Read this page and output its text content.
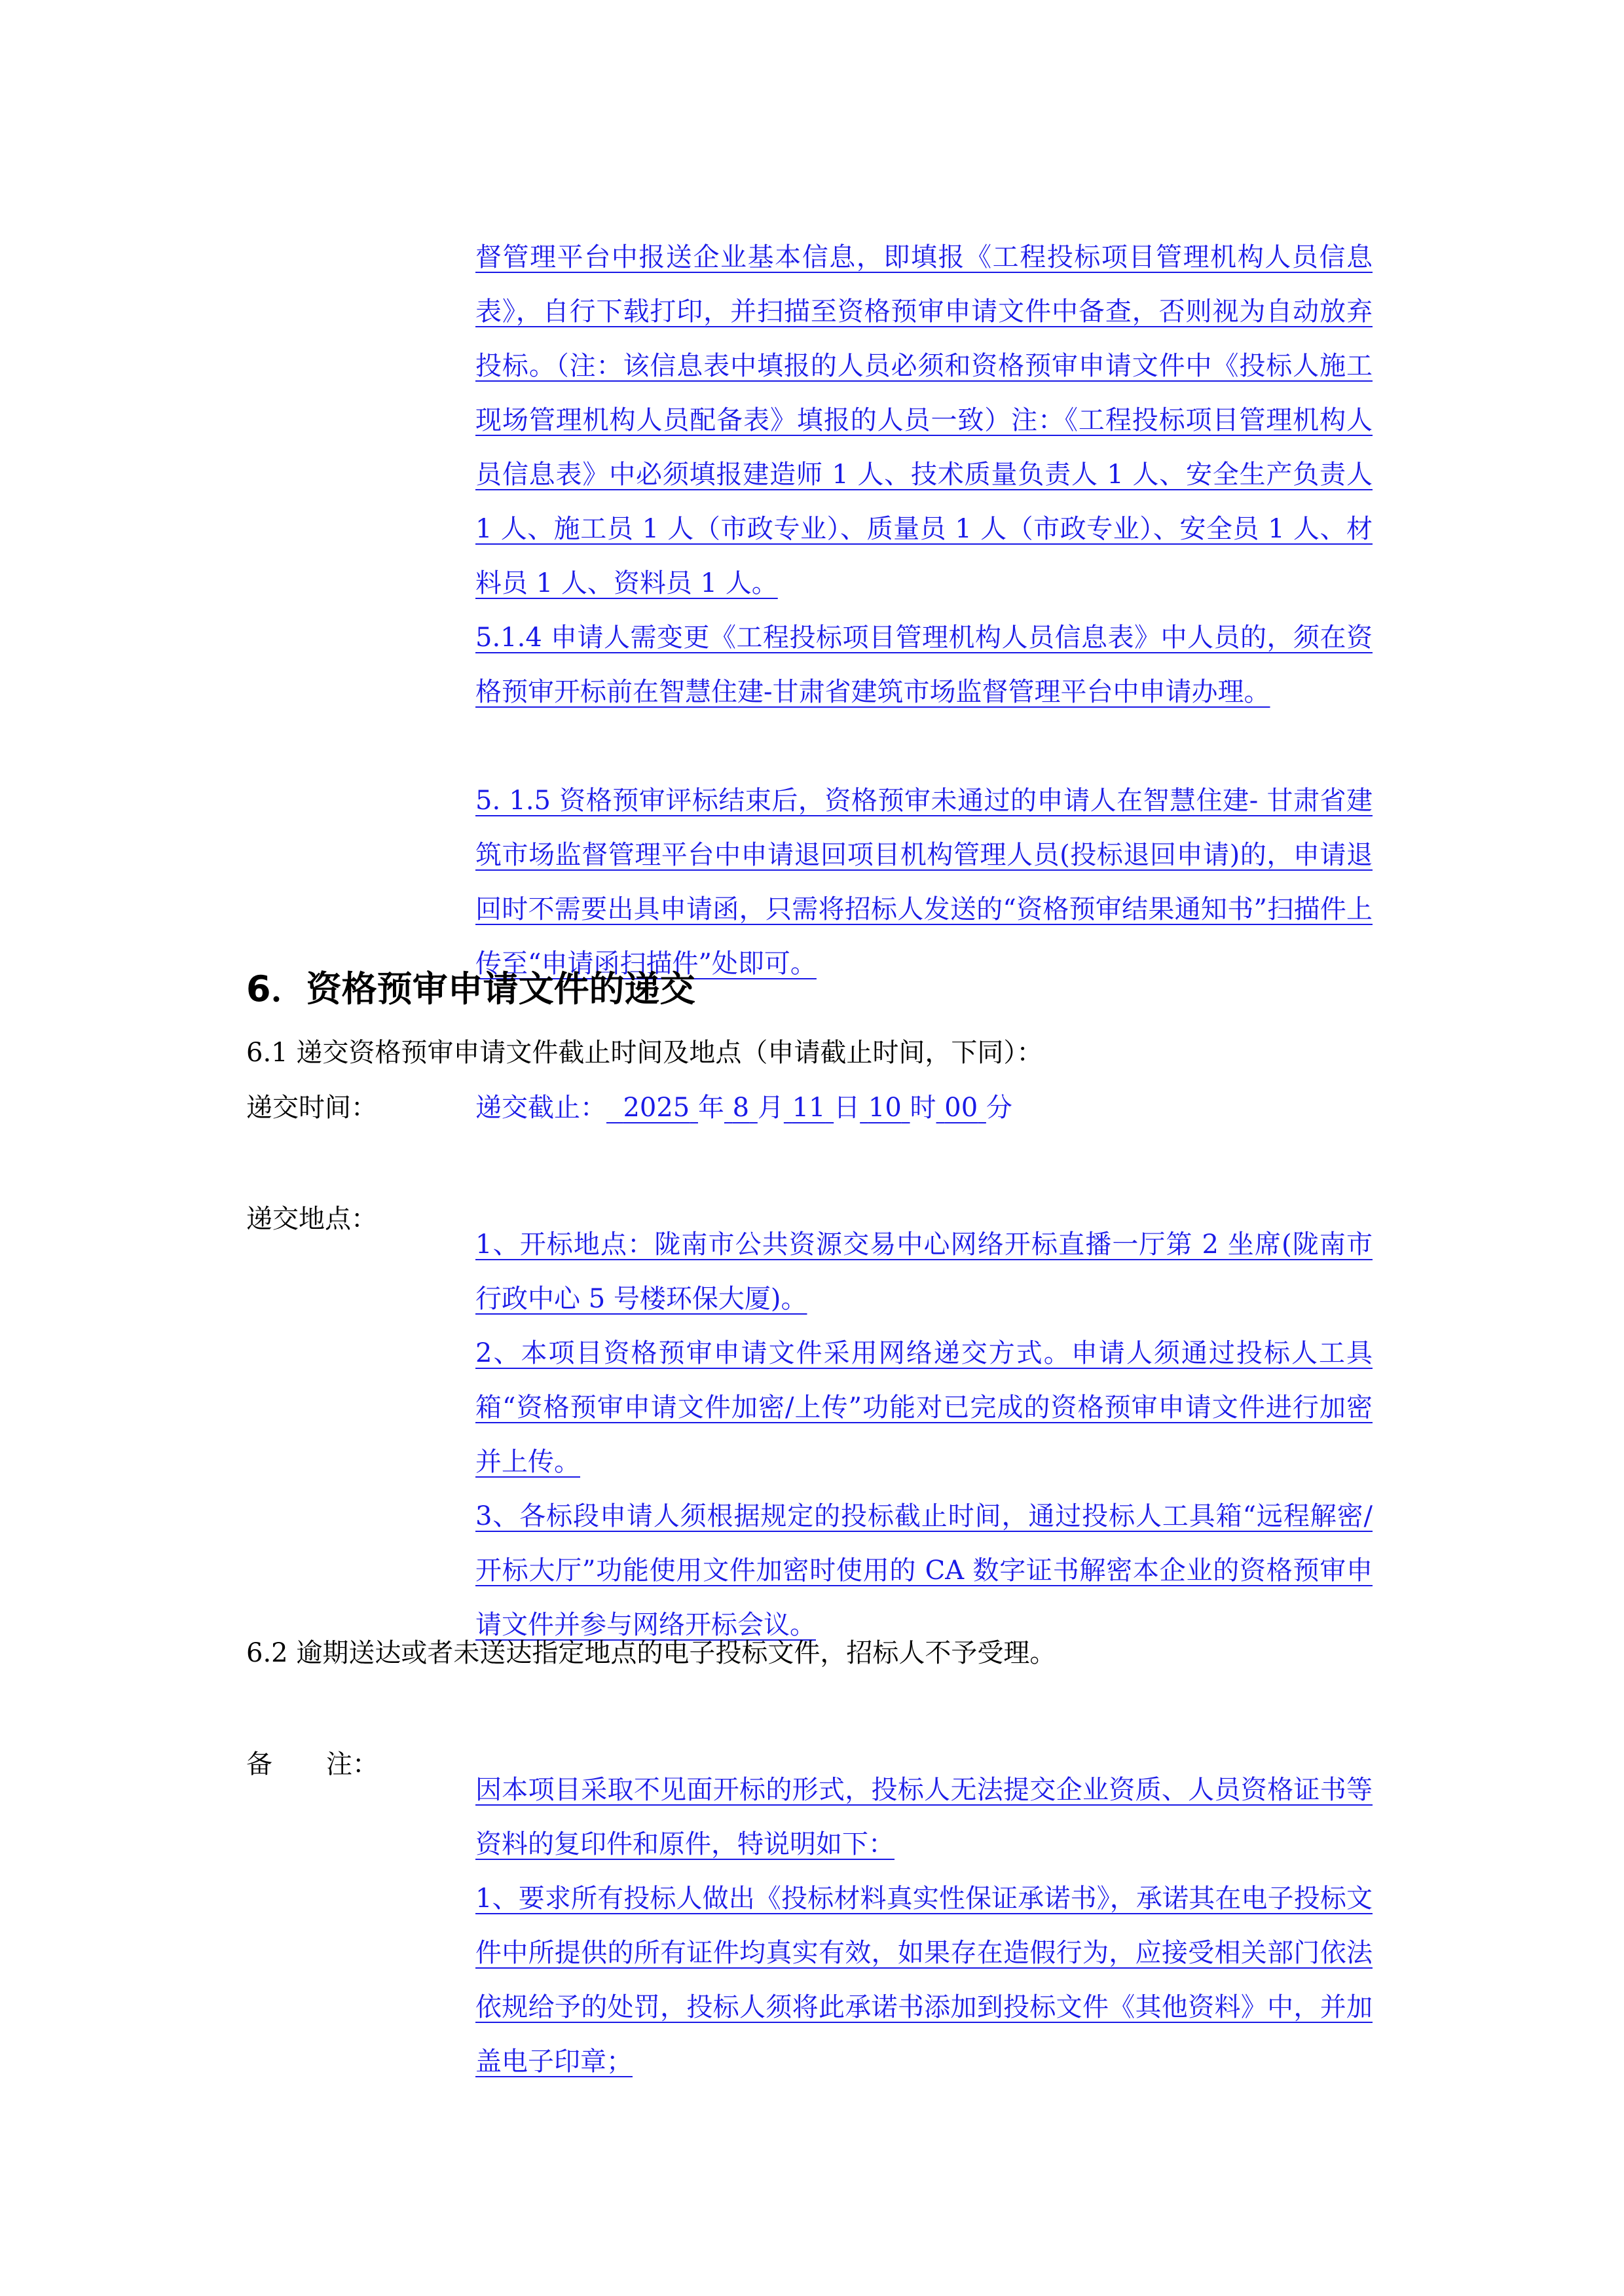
督管理平台中报送企业基本信息，即填报《工程投标项目管理机构人员信息表》，自行下载打印，并扫描至资格预审申请文件中备查，否则视为自动放弃投标。（注：该信息表中填报的人员必须和资格预审申请文件中《投标人施工现场管理机构人员配备表》填报的人员一致）注：《工程投标项目管理机构人员信息表》中必须填报建造师 1 人、技术质量负责人 1 人、安全生产负责人 1 人、施工员 1 人（市政专业）、质量员 1 人（市政专业）、安全员 1 人、材料员 1 人、资料员 1 人。

5.1.4 申请人需变更《工程投标项目管理机构人员信息表》中人员的，须在资格预审开标前在智慧住建-甘肃省建筑市场监督管理平台中申请办理。

5. 1.5 资格预审评标结束后，资格预审未通过的申请人在智慧住建- 甘肃省建筑市场监督管理平台中申请退回项目机构管理人员(投标退回申请)的，申请退回时不需要出具申请函，只需将招标人发送的“资格预审结果通知书”扫描件上传至“申请函扫描件”处即可。

6．资格预审申请文件的递交

6.1 递交资格预审申请文件截止时间及地点（申请截止时间，下同）：

递交时间：	递交截止： 2025 年 8 月 11 日 10 时 00 分
递交地点：

1、开标地点：陇南市公共资源交易中心网络开标直播一厅第 2 坐席(陇南市行政中心 5 号楼环保大厦)。

2、本项目资格预审申请文件采用网络递交方式。申请人须通过投标人工具箱“资格预审申请文件加密/上传”功能对已完成的资格预审申请文件进行加密并上传。

3、各标段申请人须根据规定的投标截止时间，通过投标人工具箱“远程解密/开标大厅”功能使用文件加密时使用的 CA 数字证书解密本企业的资格预审申请文件并参与网络开标会议。

6.2 逾期送达或者未送达指定地点的电子投标文件，招标人不予受理。

备 注：

因本项目采取不见面开标的形式，投标人无法提交企业资质、人员资格证书等资料的复印件和原件，特说明如下：

1、要求所有投标人做出《投标材料真实性保证承诺书》，承诺其在电子投标文件中所提供的所有证件均真实有效，如果存在造假行为，应接受相关部门依法依规给予的处罚，投标人须将此承诺书添加到投标文件《其他资料》中，并加盖电子印章；
